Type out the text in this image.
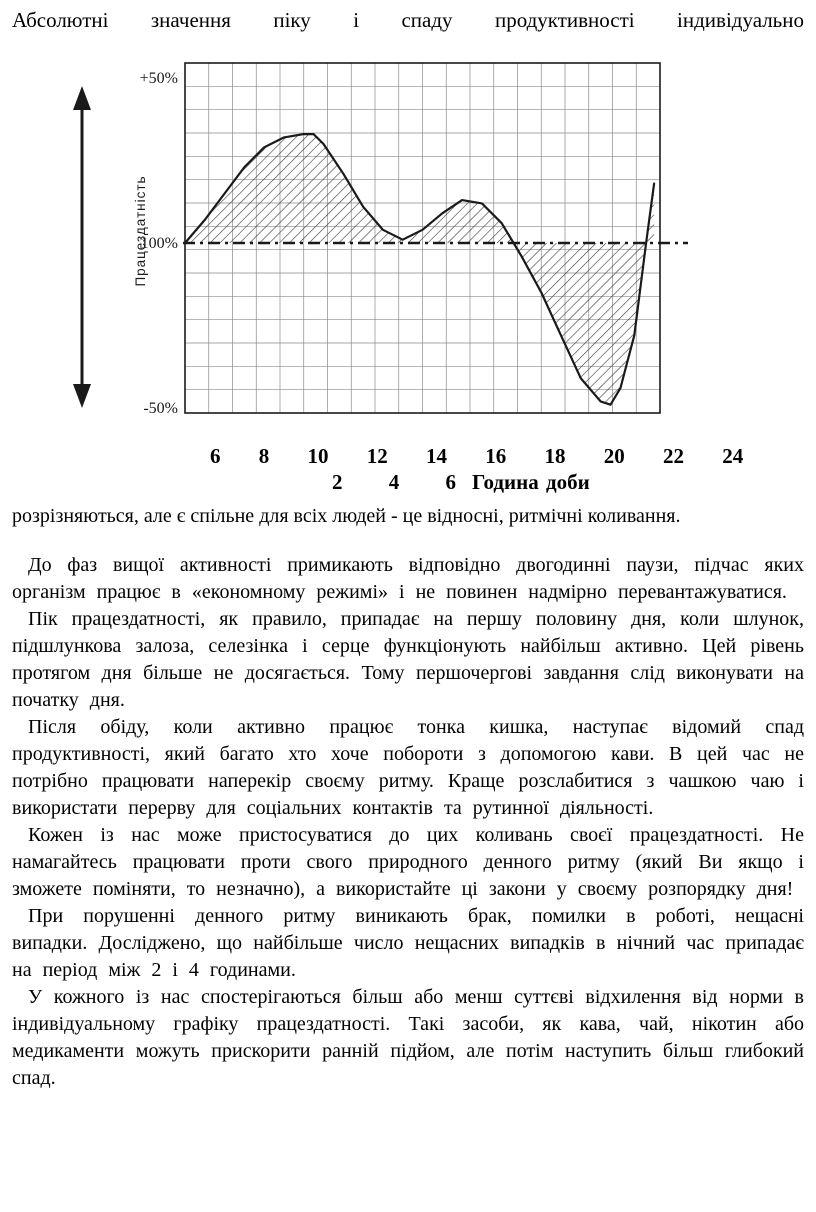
Абсолютні значення піку і спаду продуктивності індивідуально
+50%
100%
-50%
Працездатність
6 8 10 12 14 16 18 20 22 24
2 4 6 Година доби
розрізняються, але є спільне для всіх людей - це відносні, ритмічні коливання.

До фаз вищої активності примикають відповідно двогодинні паузи, підчас яких організм працює в «економному режимі» і не повинен надмірно перевантажуватися.

Пік працездатності, як правило, припадає на першу половину дня, коли шлунок, підшлункова залоза, селезінка і серце функціонують найбільш активно. Цей рівень протягом дня більше не досягається. Тому першочергові завдання слід виконувати на початку дня.

Після обіду, коли активно працює тонка кишка, наступає відомий спад продуктивності, який багато хто хоче побороти з допомогою кави. В цей час не потрібно працювати наперекір своєму ритму. Краще розслабитися з чашкою чаю і використати перерву для соціальних контактів та рутинної діяльності.

Кожен із нас може пристосуватися до цих коливань своєї працездатності. Не намагайтесь працювати проти свого природного денного ритму (який Ви якщо і зможете поміняти, то незначно), а використайте ці закони у своєму розпорядку дня!

При порушенні денного ритму виникають брак, помилки в роботі, нещасні випадки. Досліджено, що найбільше число нещасних випадків в нічний час припадає на період між 2 і 4 годинами.

У кожного із нас спостерігаються більш або менш суттєві відхилення від норми в індивідуальному графіку працездатності. Такі засоби, як кава, чай, нікотин або медикаменти можуть прискорити ранній підйом, але потім наступить більш глибокий спад.
